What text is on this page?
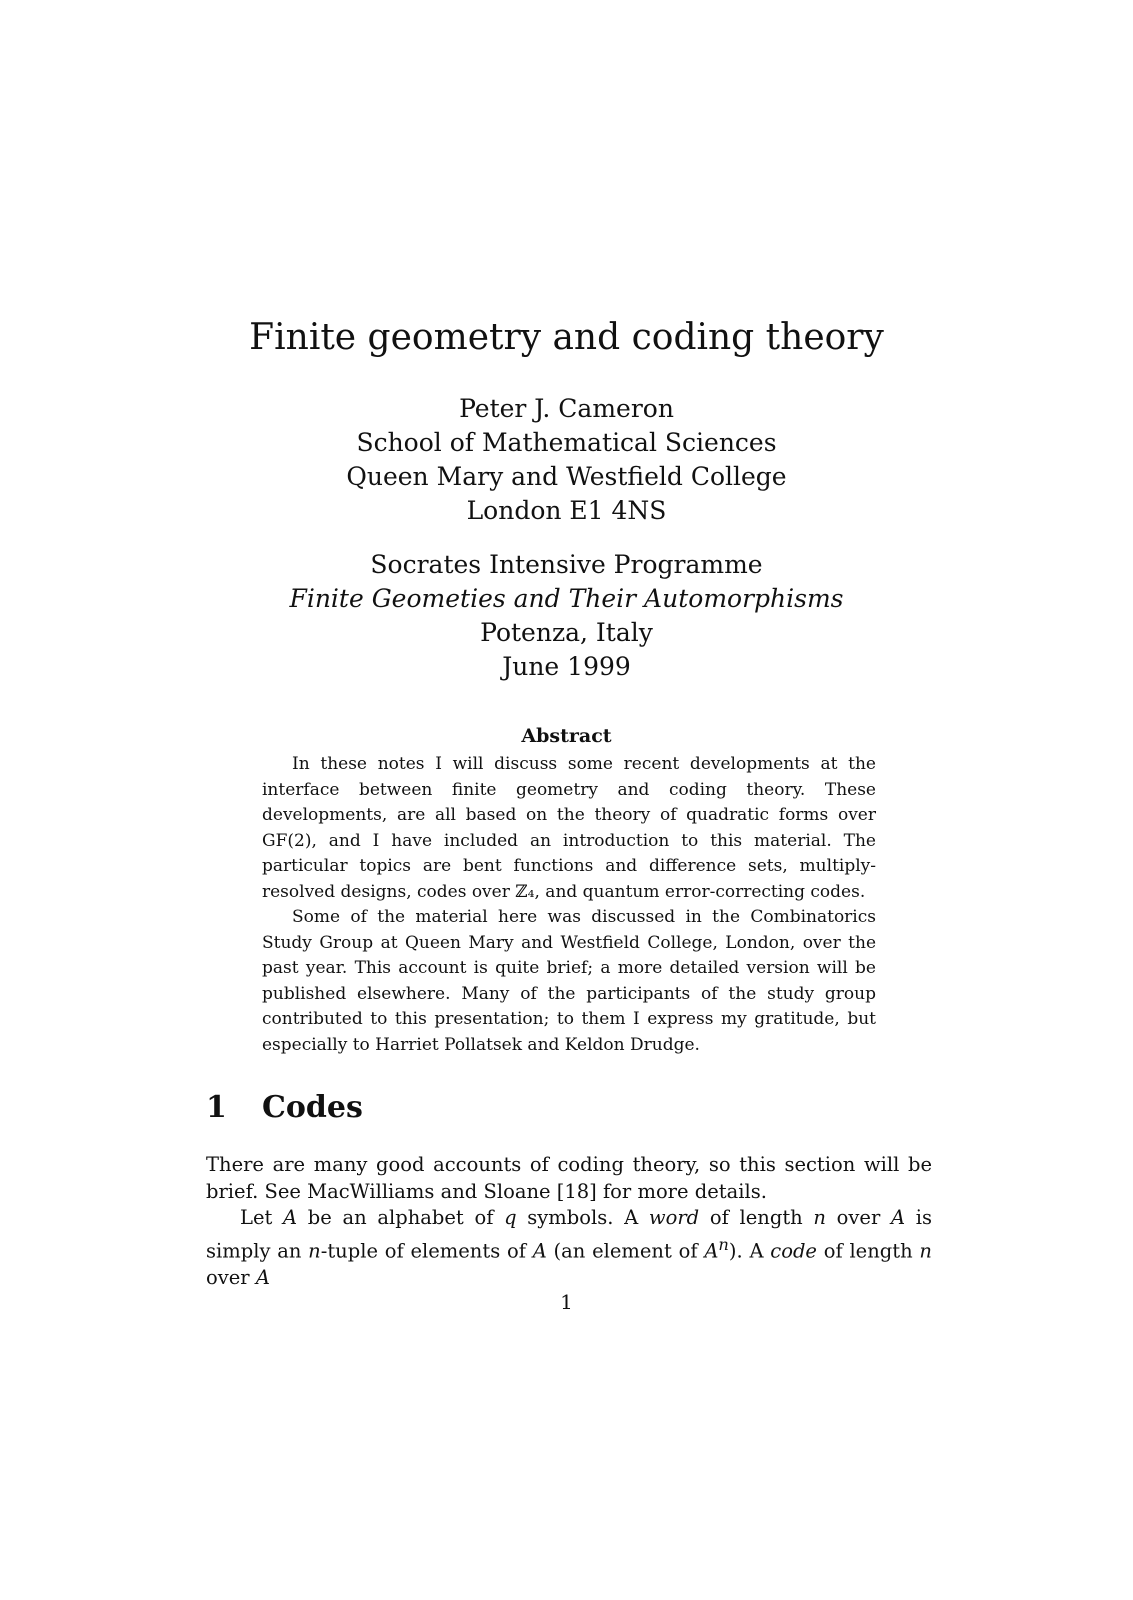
Finite geometry and coding theory
Peter J. Cameron
School of Mathematical Sciences
Queen Mary and Westfield College
London E1 4NS
Socrates Intensive Programme
Finite Geometies and Their Automorphisms
Potenza, Italy
June 1999
Abstract

In these notes I will discuss some recent developments at the interface between finite geometry and coding theory. These developments, are all based on the theory of quadratic forms over GF(2), and I have included an introduction to this material. The particular topics are bent functions and difference sets, multiply-resolved designs, codes over ℤ₄, and quantum error-correcting codes.

Some of the material here was discussed in the Combinatorics Study Group at Queen Mary and Westfield College, London, over the past year. This account is quite brief; a more detailed version will be published elsewhere. Many of the participants of the study group contributed to this presentation; to them I express my gratitude, but especially to Harriet Pollatsek and Keldon Drudge.

1 Codes

There are many good accounts of coding theory, so this section will be brief. See MacWilliams and Sloane [18] for more details.

Let A be an alphabet of q symbols. A word of length n over A is simply an n-tuple of elements of A (an element of $A^n$). A code of length n over A

1
